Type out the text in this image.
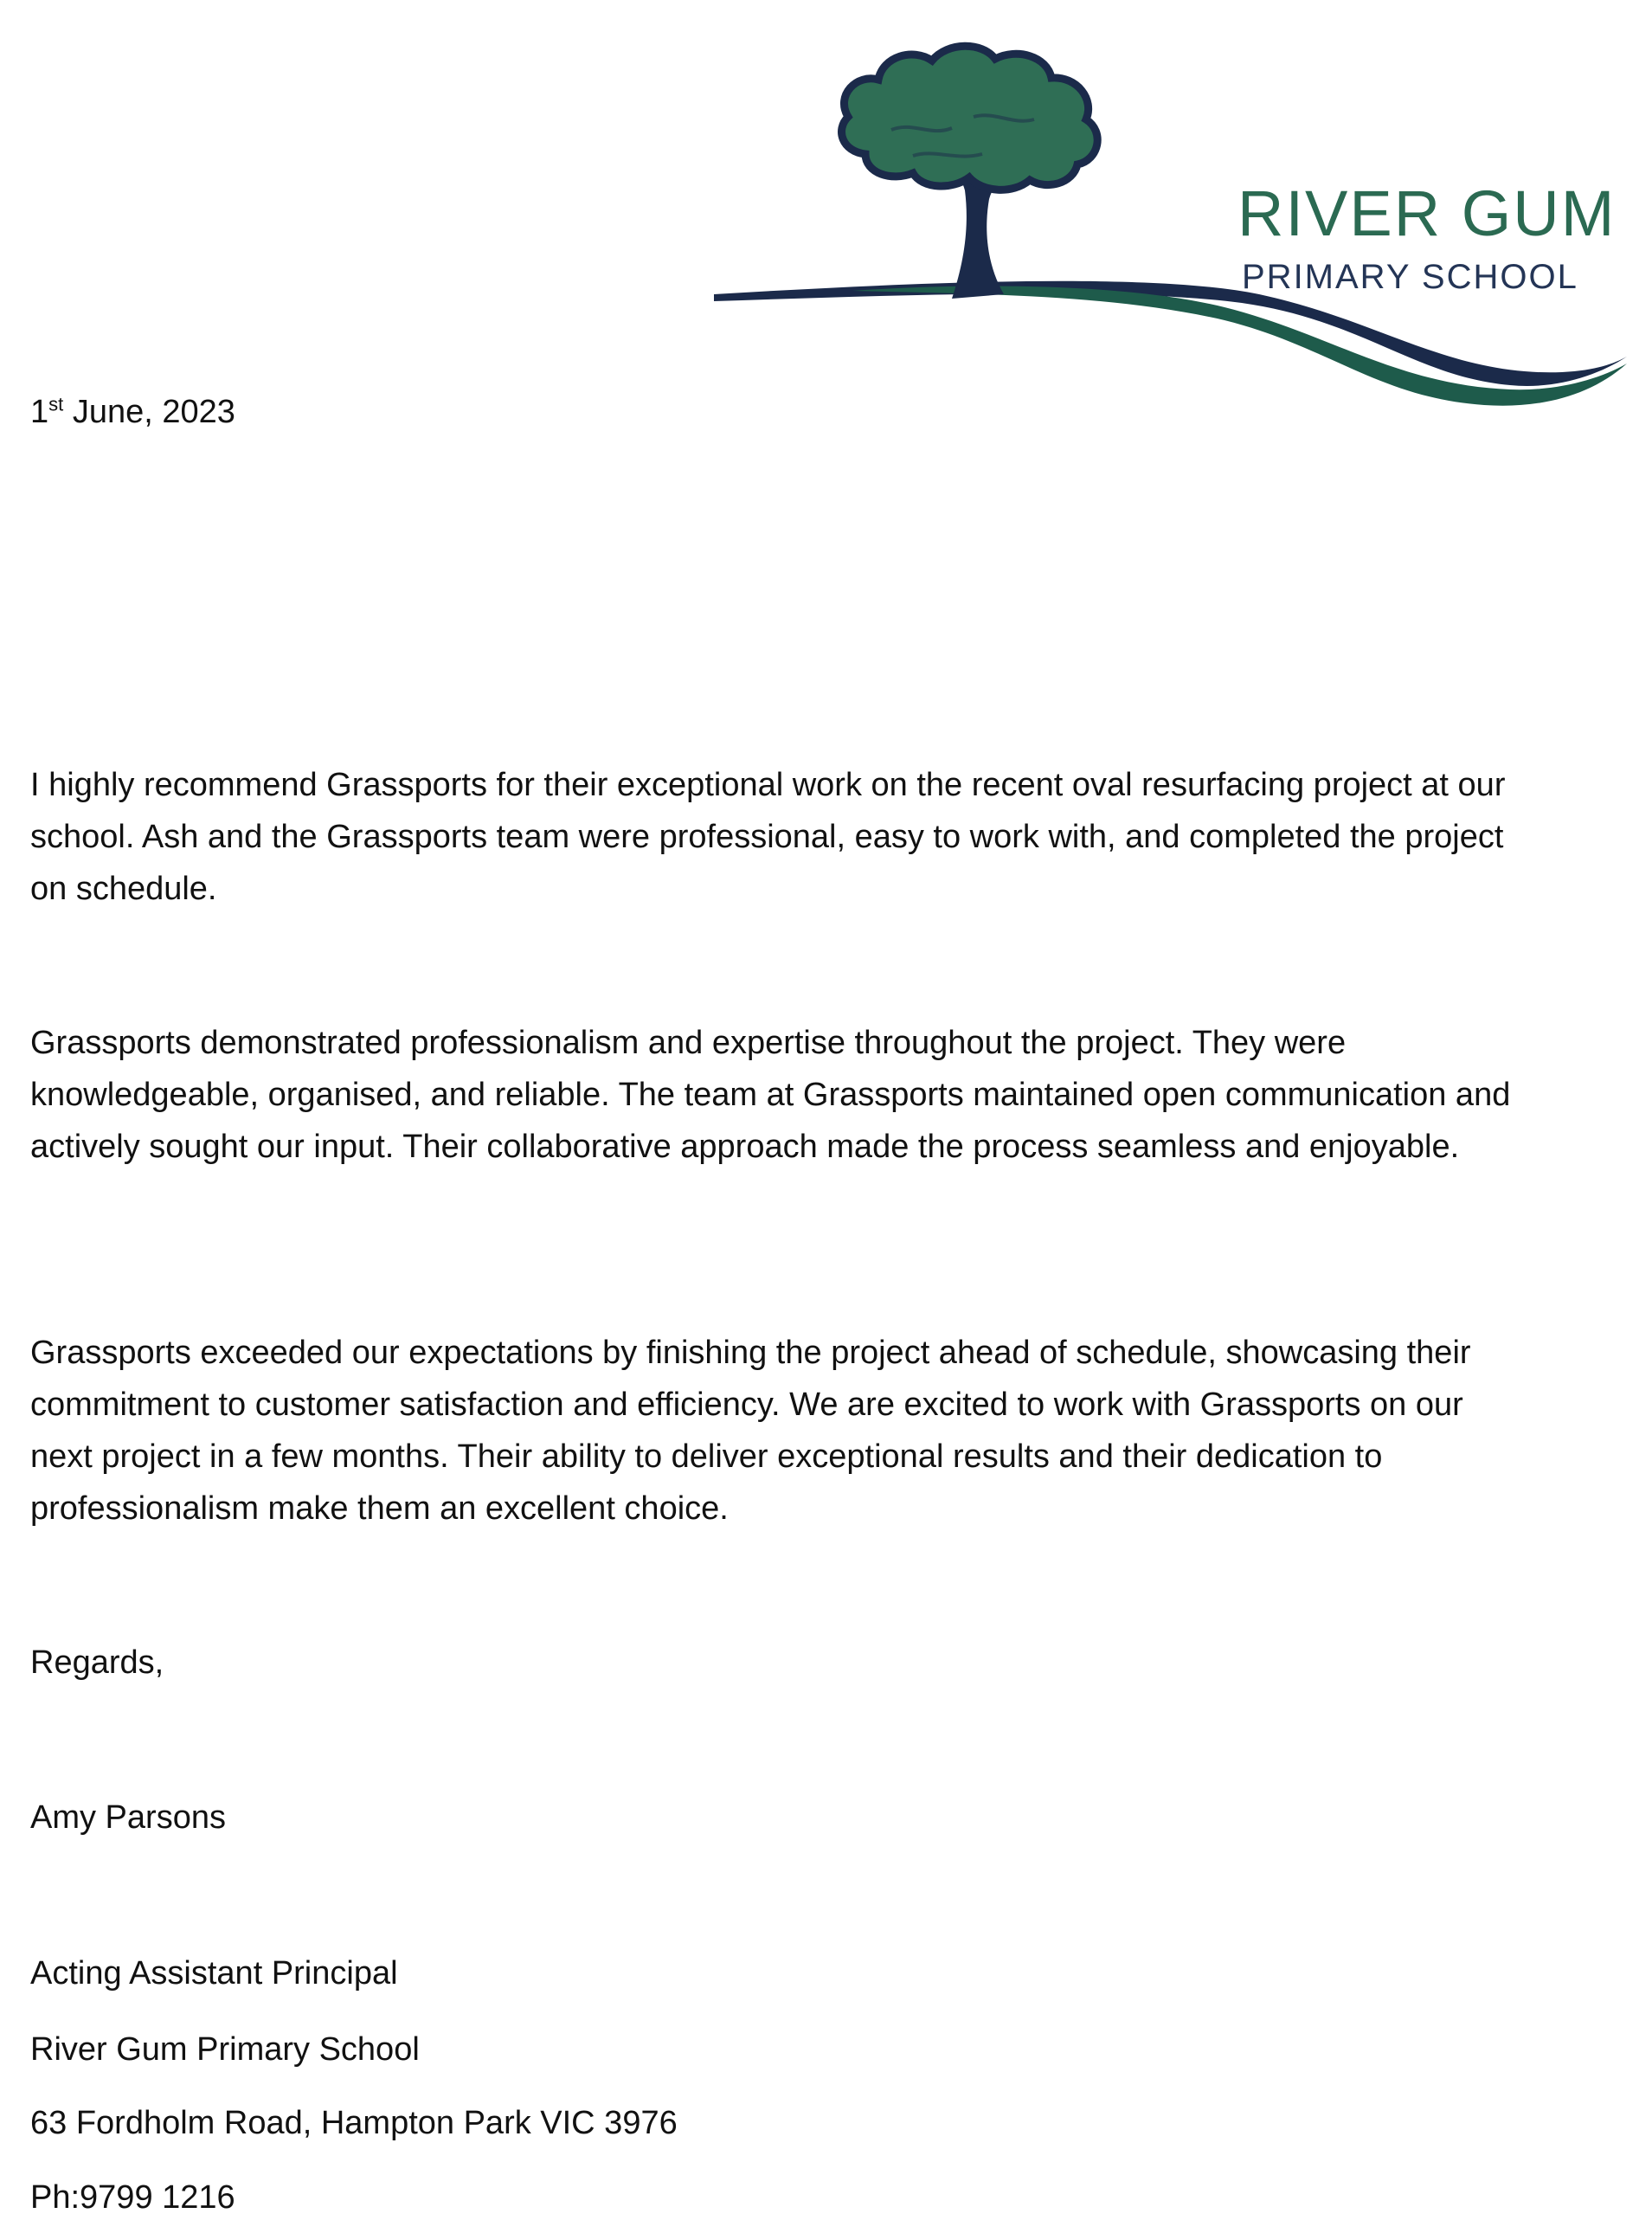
RIVER GUM
PRIMARY SCHOOL
1st June, 2023

I highly recommend Grassports for their exceptional work on the recent oval resurfacing project at our school. Ash and the Grassports team were professional, easy to work with, and completed the project on schedule.

Grassports demonstrated professionalism and expertise throughout the project. They were knowledgeable, organised, and reliable. The team at Grassports maintained open communication and actively sought our input. Their collaborative approach made the process seamless and enjoyable.

Grassports exceeded our expectations by finishing the project ahead of schedule, showcasing their commitment to customer satisfaction and efficiency. We are excited to work with Grassports on our next project in a few months. Their ability to deliver exceptional results and their dedication to professionalism make them an excellent choice.

Regards,
Amy Parsons
Acting Assistant Principal
River Gum Primary School
63 Fordholm Road, Hampton Park VIC 3976
Ph:9799 1216
